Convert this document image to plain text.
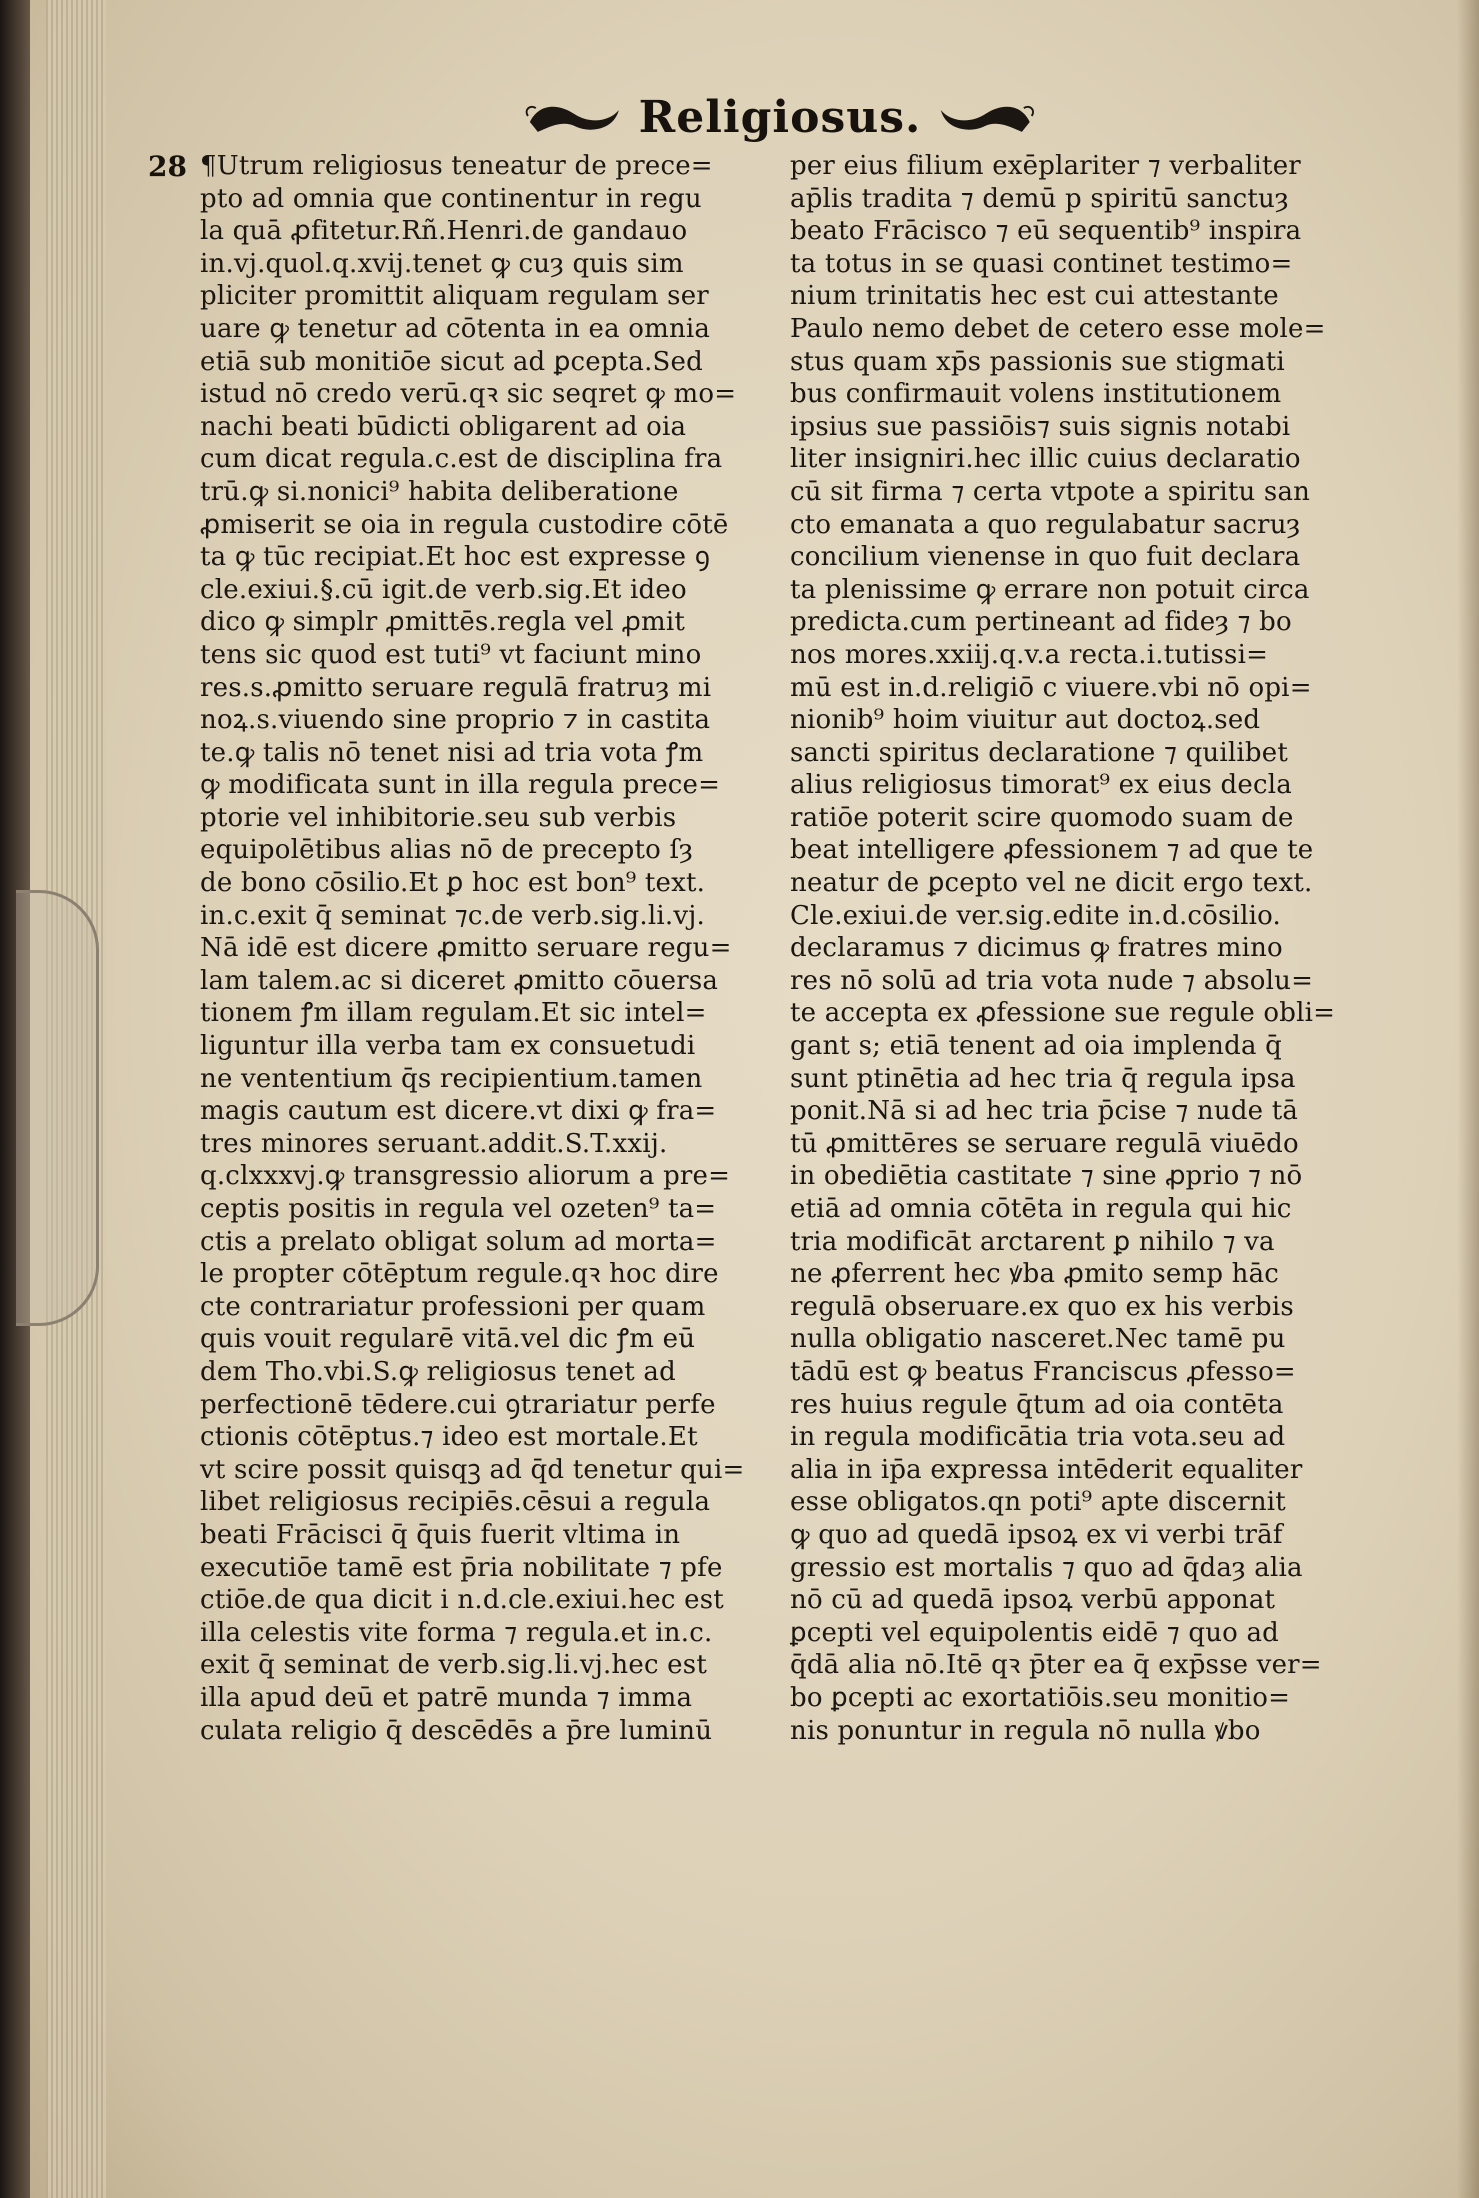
Religiosus.
28 ¶Utrum religiosus teneatur de prece=
pto ad omnia que continentur in regu
la quā ꝓfitetur.Rñ.Henri.de gandauo
in.vj.quol.q.xvij.tenet ꝙ cuȝ quis sim
pliciter promittit aliquam regulam ser
uare ꝙ tenetur ad cōtenta in ea omnia
etiā sub monitiōe sicut ad ꝑcepta.Sed
istud nō credo verū.qꝛ sic seqret ꝙ mo=
nachi beati būdicti obligarent ad oia
cum dicat regula.c.est de disciplina fra
trū.ꝙ si.nonici⁹ habita deliberatione
ꝓmiserit se oia in regula custodire cōtē
ta ꝙ tūc recipiat.Et hoc est expresse ꝯ
cle.exiui.§.cū igit.de verb.sig.Et ideo
dico ꝙ simplr ꝓmittēs.regla vel ꝓmit
tens sic quod est tuti⁹ vt faciunt mino
res.s.ꝓmitto seruare regulā fratruȝ mi
noꝝ.s.viuendo sine proprio ⁊ in castita
te.ꝙ talis nō tenet nisi ad tria vota ꝭm
ꝙ modificata sunt in illa regula prece=
ptorie vel inhibitorie.seu sub verbis
equipolētibus alias nō de precepto ſȝ
de bono cōsilio.Et ꝑ hoc est bon⁹ text.
in.c.exit q̄ seminat ⁊c.de verb.sig.li.vj.
Nā idē est dicere ꝓmitto seruare regu=
lam talem.ac si diceret ꝓmitto cōuersa
tionem ꝭm illam regulam.Et sic intel=
liguntur illa verba tam ex consuetudi
ne vententium q̄s recipientium.tamen
magis cautum est dicere.vt dixi ꝙ fra=
tres minores seruant.addit.S.T.xxij.
q.clxxxvj.ꝙ transgressio aliorum a pre=
ceptis positis in regula vel ozeten⁹ ta=
ctis a prelato obligat solum ad morta=
le propter cōtēptum regule.qꝛ hoc dire
cte contrariatur professioni per quam
quis vouit regularē vitā.vel dic ꝭm eū
dem Tho.vbi.S.ꝙ religiosus tenet ad
perfectionē tēdere.cui ꝯtrariatur perfe
ctionis cōtēptus.⁊ ideo est mortale.Et
vt scire possit quisqꝫ ad q̄d tenetur qui=
libet religiosus recipiēs.cēsui a regula
beati Frācisci q̄ q̄uis fuerit vltima in
executiōe tamē est p̄ria nobilitate ⁊ pfe
ctiōe.de qua dicit i n.d.cle.exiui.hec est
illa celestis vite forma ⁊ regula.et in.c.
exit q̄ seminat de verb.sig.li.vj.hec est
illa apud deū et patrē munda ⁊ imma
culata religio q̄ descēdēs a p̄re luminū
per eius filium exēplariter ⁊ verbaliter
ap̄lis tradita ⁊ demū p spiritū sanctuȝ
beato Frācisco ⁊ eū sequentib⁹ inspira
ta totus in se quasi continet testimo=
nium trinitatis hec est cui attestante
Paulo nemo debet de cetero esse mole=
stus quam xp̄s passionis sue stigmati
bus confirmauit volens institutionem
ipsius sue passiōis⁊ suis signis notabi
liter insigniri.hec illic cuius declaratio
cū sit firma ⁊ certa vtpote a spiritu san
cto emanata a quo regulabatur sacruȝ
concilium vienense in quo fuit declara
ta plenissime ꝙ errare non potuit circa
predicta.cum pertineant ad fideȝ ⁊ bo
nos mores.xxiij.q.v.a recta.i.tutissi=
mū est in.d.religiō c viuere.vbi nō opi=
nionib⁹ hoim viuitur aut doctoꝝ.sed
sancti spiritus declaratione ⁊ quilibet
alius religiosus timorat⁹ ex eius decla
ratiōe poterit scire quomodo suam de
beat intelligere ꝓfessionem ⁊ ad que te
neatur de ꝑcepto vel ne dicit ergo text.
Cle.exiui.de ver.sig.edite in.d.cōsilio.
declaramus ⁊ dicimus ꝙ fratres mino
res nō solū ad tria vota nude ⁊ absolu=
te accepta ex ꝓfessione sue regule obli=
gant s; etiā tenent ad oia implenda q̄
sunt ptinētia ad hec tria q̄ regula ipsa
ponit.Nā si ad hec tria p̄cise ⁊ nude tā
tū ꝓmittēres se seruare regulā viuēdo
in obediētia castitate ⁊ sine ꝓprio ⁊ nō
etiā ad omnia cōtēta in regula qui hic
tria modificāt arctarent ꝑ nihilo ⁊ va
ne ꝓferrent hec ꝟba ꝓmito semp hāc
regulā obseruare.ex quo ex his verbis
nulla obligatio nasceret.Nec tamē pu
tādū est ꝙ beatus Franciscus ꝓfesso=
res huius regule q̄tum ad oia contēta
in regula modificātia tria vota.seu ad
alia in ip̄a expressa intēderit equaliter
esse obligatos.qn poti⁹ apte discernit
ꝙ quo ad quedā ipsoꝝ ex vi verbi trāf
gressio est mortalis ⁊ quo ad q̄daȝ alia
nō cū ad quedā ipsoꝝ verbū apponat
ꝑcepti vel equipolentis eidē ⁊ quo ad
q̄dā alia nō.Itē qꝛ p̄ter ea q̄ exp̄sse ver=
bo ꝑcepti ac exortatiōis.seu monitio=
nis ponuntur in regula nō nulla ꝟbo
